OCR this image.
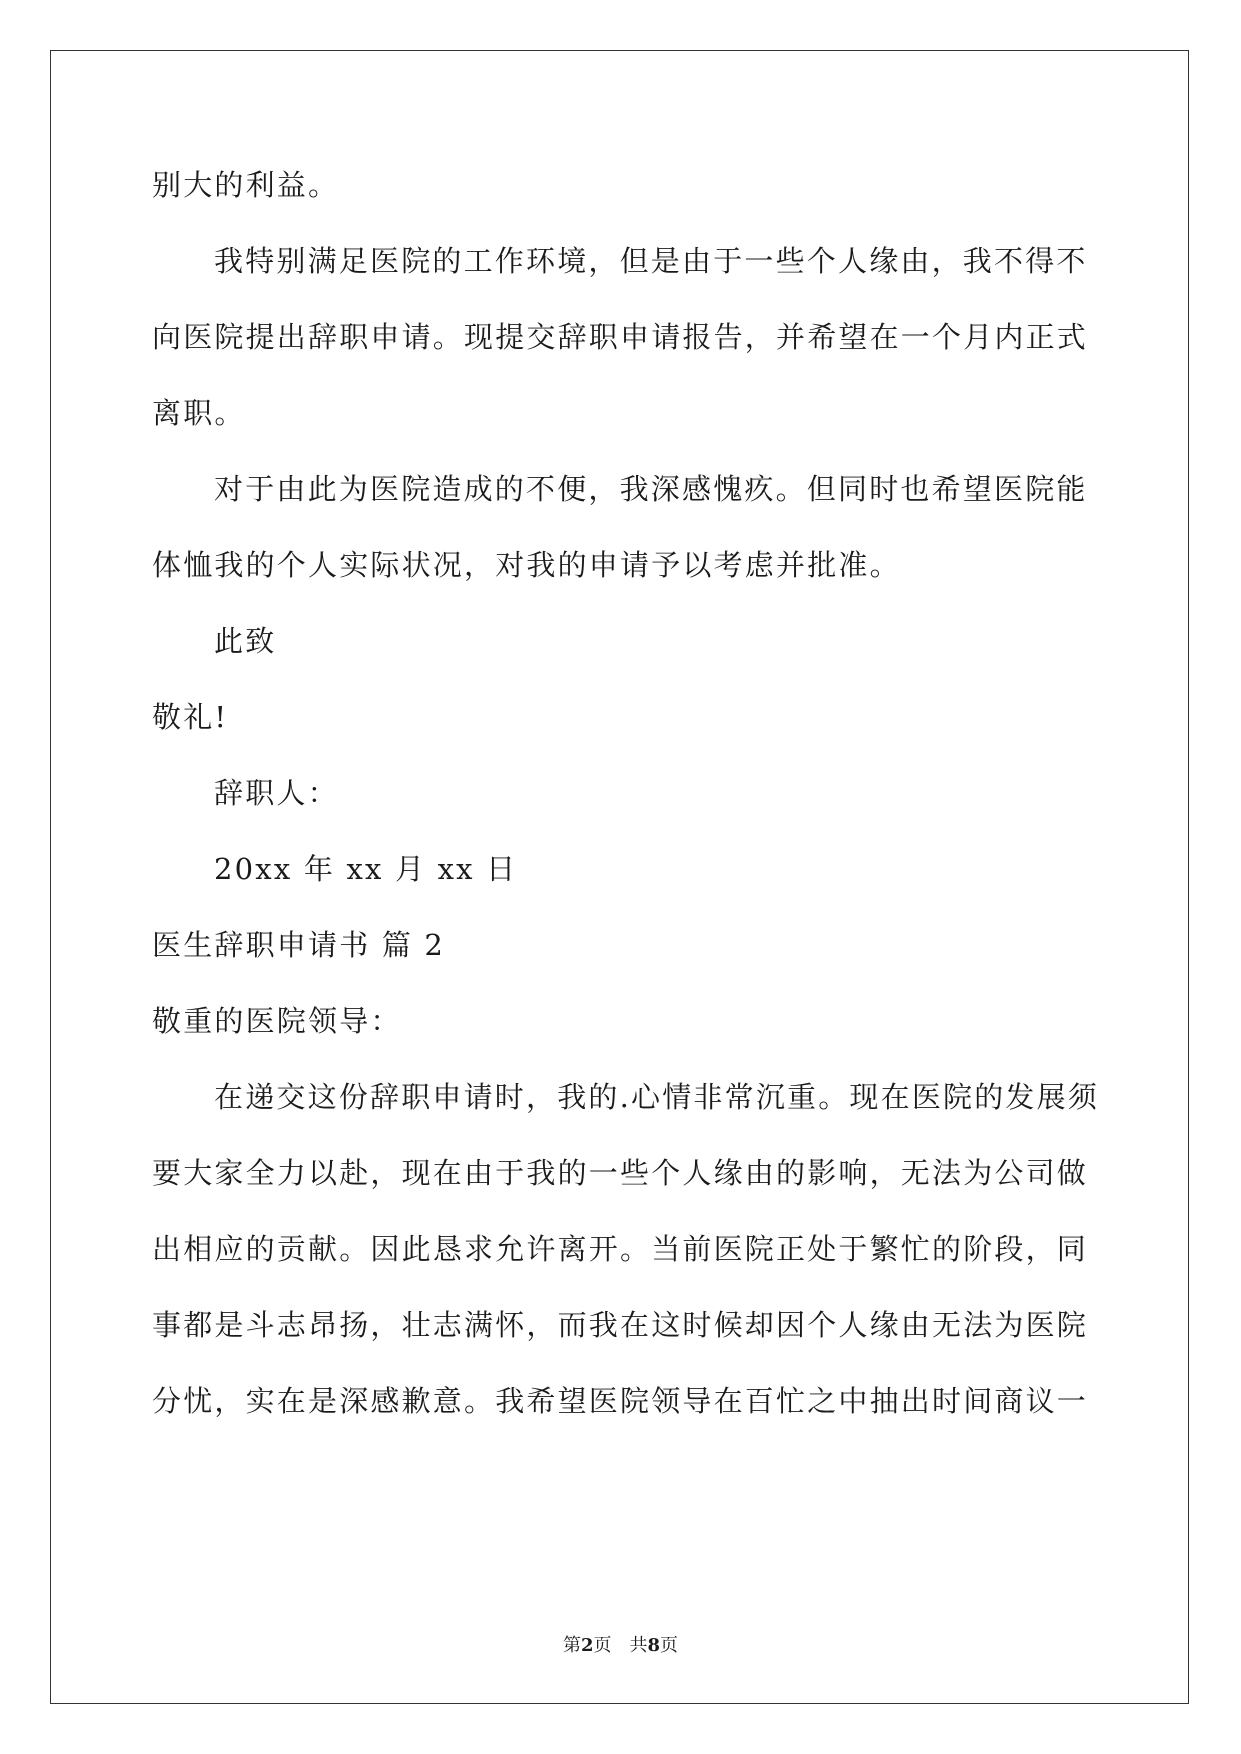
别大的利益。
我特别满足医院的工作环境，但是由于一些个人缘由，我不得不
向医院提出辞职申请。现提交辞职申请报告，并希望在一个月内正式
离职。
对于由此为医院造成的不便，我深感愧疚。但同时也希望医院能
体恤我的个人实际状况，对我的申请予以考虑并批准。
此致
敬礼!
辞职人：
20xx 年 xx 月 xx 日
医生辞职申请书 篇 2
敬重的医院领导：
在递交这份辞职申请时，我的.心情非常沉重。现在医院的发展须
要大家全力以赴，现在由于我的一些个人缘由的影响，无法为公司做
出相应的贡献。因此恳求允许离开。当前医院正处于繁忙的阶段，同
事都是斗志昂扬，壮志满怀，而我在这时候却因个人缘由无法为医院
分忧，实在是深感歉意。我希望医院领导在百忙之中抽出时间商议一
第2页　共8页
